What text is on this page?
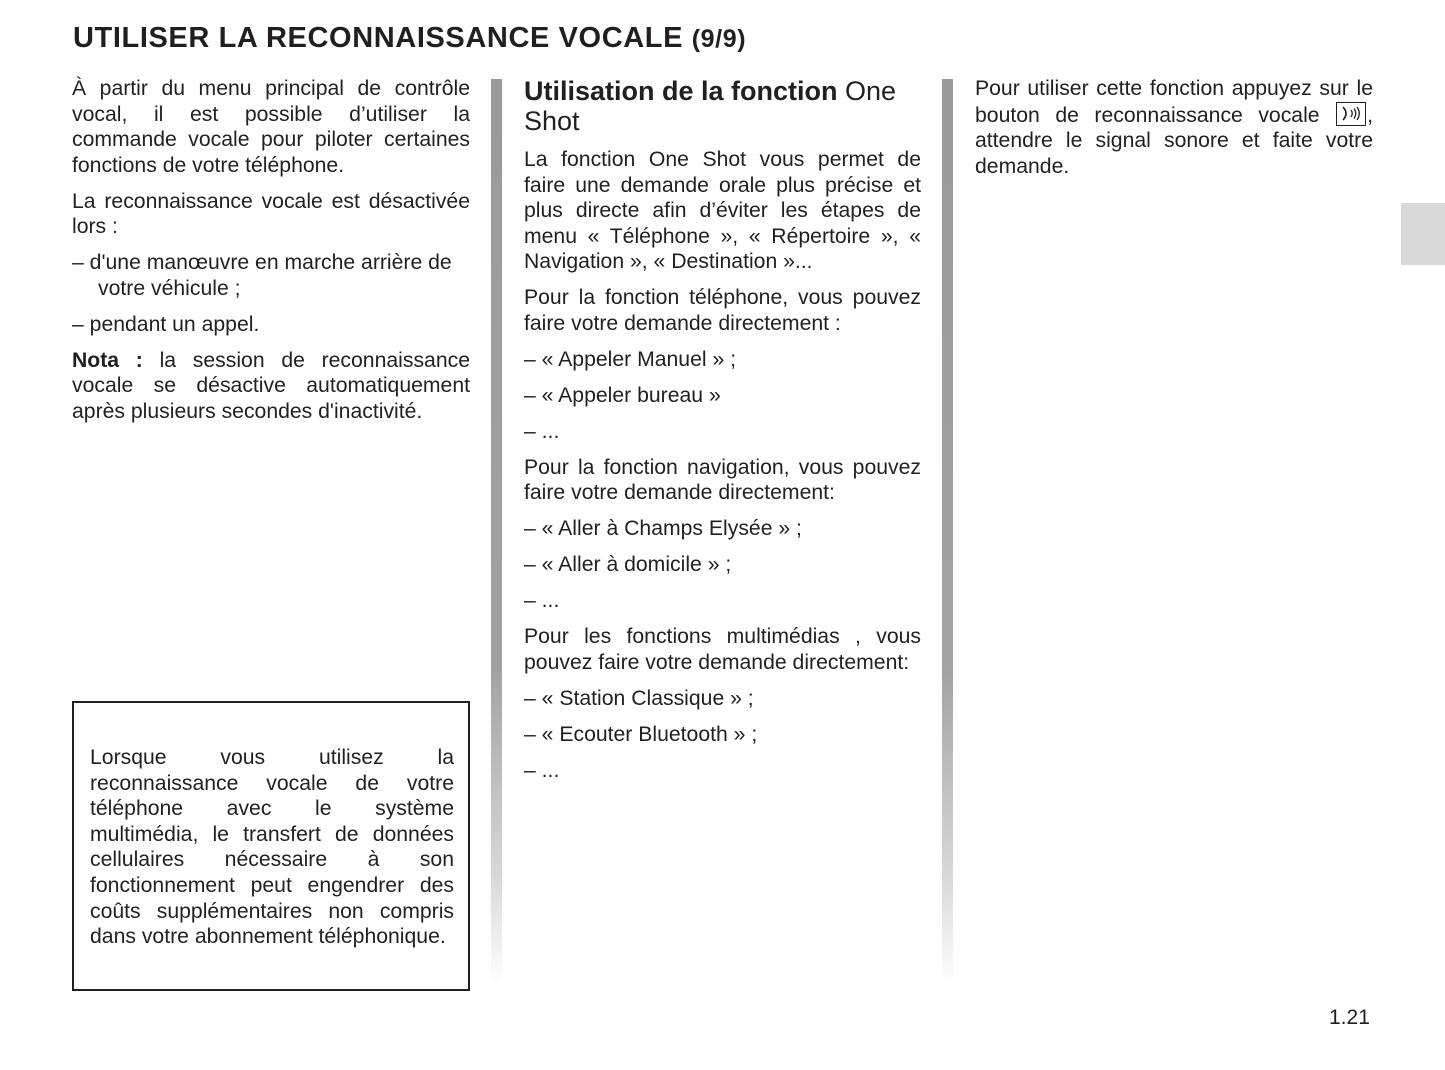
UTILISER LA RECONNAISSANCE VOCALE (9/9)

À partir du menu principal de contrôle vocal, il est possible d’utiliser la commande vocale pour piloter certaines fonctions de votre téléphone.

La reconnaissance vocale est désactivée lors :

– d'une manœuvre en marche arrière de votre véhicule ;
– pendant un appel.

Nota : la session de reconnaissance vocale se désactive automatiquement après plusieurs secondes d'inactivité.

Lorsque vous utilisez la reconnaissance vocale de votre téléphone avec le système multimédia, le transfert de données cellulaires nécessaire à son fonctionnement peut engendrer des coûts supplémentaires non compris dans votre abonnement téléphonique.

Utilisation de la fonction One Shot

La fonction One Shot vous permet de faire une demande orale plus précise et plus directe afin d’éviter les étapes de menu « Téléphone », « Répertoire », « Navigation », « Destination »...

Pour la fonction téléphone, vous pouvez faire votre demande directement :

– « Appeler Manuel » ;
– « Appeler bureau »
– ...

Pour la fonction navigation, vous pouvez faire votre demande directement:

– « Aller à Champs Elysée » ;
– « Aller à domicile » ;
– ...

Pour les fonctions multimédias , vous pouvez faire votre demande directement:

– « Station Classique » ;
– « Ecouter Bluetooth » ;
– ...

Pour utiliser cette fonction appuyez sur le bouton de reconnaissance vocale
, attendre le signal sonore et faite votre demande.

1.21
